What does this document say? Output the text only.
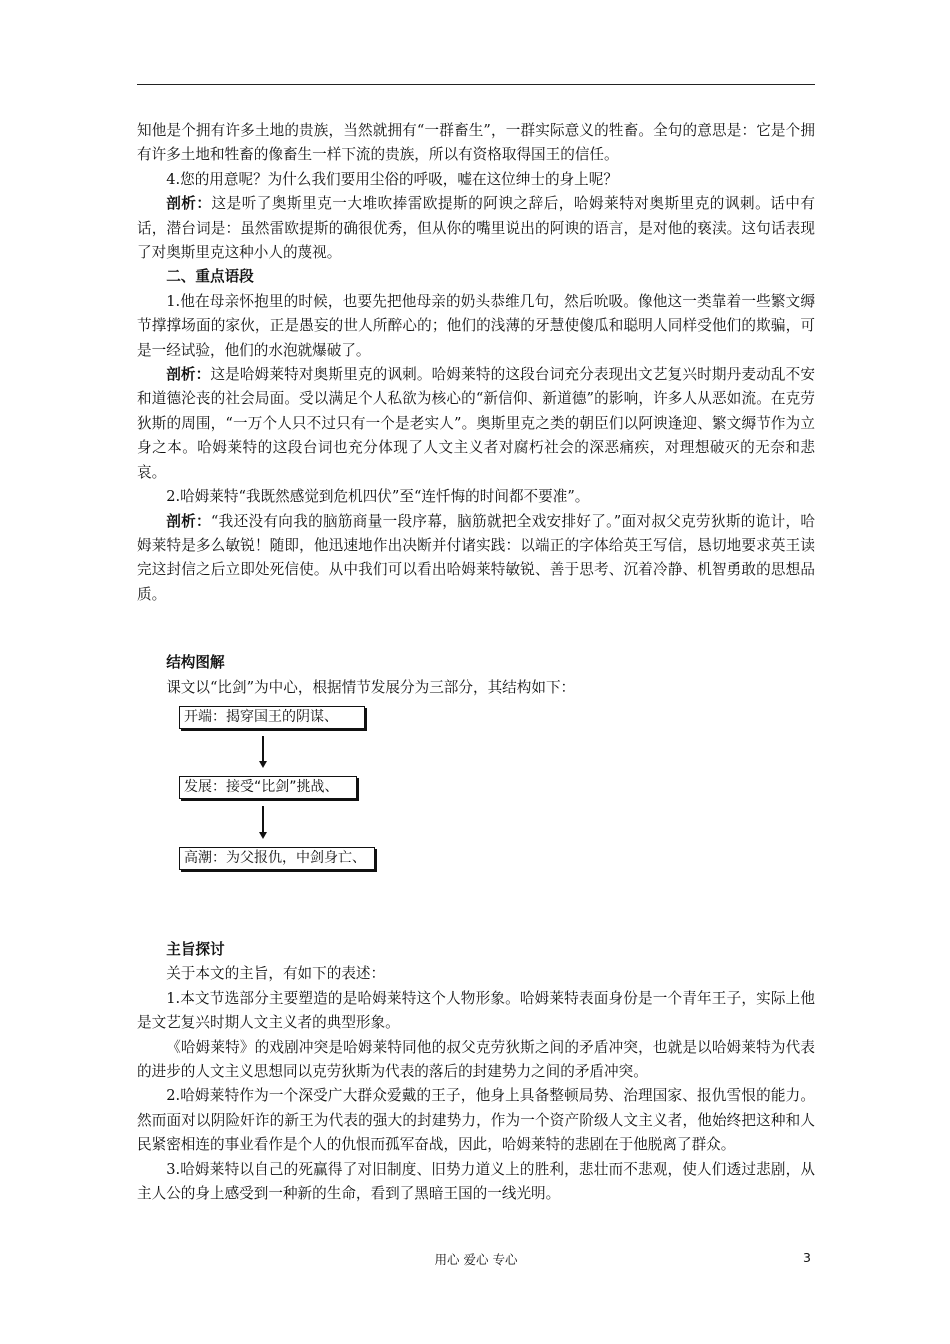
知他是个拥有许多土地的贵族，当然就拥有“一群畜生”，一群实际意义的牲畜。全句的意思是：它是个拥有许多土地和牲畜的像畜生一样下流的贵族，所以有资格取得国王的信任。

4.您的用意呢？为什么我们要用尘俗的呼吸，嘘在这位绅士的身上呢？

剖析：这是听了奥斯里克一大堆吹捧雷欧提斯的阿谀之辞后，哈姆莱特对奥斯里克的讽刺。话中有话，潜台词是：虽然雷欧提斯的确很优秀，但从你的嘴里说出的阿谀的语言，是对他的亵渎。这句话表现了对奥斯里克这种小人的蔑视。

二、重点语段

1.他在母亲怀抱里的时候，也要先把他母亲的奶头恭维几句，然后吮吸。像他这一类靠着一些繁文缛节撑撑场面的家伙，正是愚妄的世人所醉心的；他们的浅薄的牙慧使傻瓜和聪明人同样受他们的欺骗，可是一经试验，他们的水泡就爆破了。

剖析：这是哈姆莱特对奥斯里克的讽刺。哈姆莱特的这段台词充分表现出文艺复兴时期丹麦动乱不安和道德沦丧的社会局面。受以满足个人私欲为核心的“新信仰、新道德”的影响，许多人从恶如流。在克劳狄斯的周围，“一万个人只不过只有一个是老实人”。奥斯里克之类的朝臣们以阿谀逢迎、繁文缛节作为立身之本。哈姆莱特的这段台词也充分体现了人文主义者对腐朽社会的深恶痛疾，对理想破灭的无奈和悲哀。

2.哈姆莱特“我既然感觉到危机四伏”至“连忏悔的时间都不要准”。

剖析：“我还没有向我的脑筋商量一段序幕，脑筋就把全戏安排好了。”面对叔父克劳狄斯的诡计，哈姆莱特是多么敏锐！随即，他迅速地作出决断并付诸实践：以端正的字体给英王写信，恳切地要求英王读完这封信之后立即处死信使。从中我们可以看出哈姆莱特敏锐、善于思考、沉着冷静、机智勇敢的思想品质。

结构图解

课文以“比剑”为中心，根据情节发展分为三部分，其结构如下：

开端：揭穿国王的阴谋、
发展：接受“比剑”挑战、
高潮：为父报仇，中剑身亡、

主旨探讨

关于本文的主旨，有如下的表述：

1.本文节选部分主要塑造的是哈姆莱特这个人物形象。哈姆莱特表面身份是一个青年王子，实际上他是文艺复兴时期人文主义者的典型形象。

《哈姆莱特》的戏剧冲突是哈姆莱特同他的叔父克劳狄斯之间的矛盾冲突，也就是以哈姆莱特为代表的进步的人文主义思想同以克劳狄斯为代表的落后的封建势力之间的矛盾冲突。

2.哈姆莱特作为一个深受广大群众爱戴的王子，他身上具备整顿局势、治理国家、报仇雪恨的能力。然而面对以阴险奸诈的新王为代表的强大的封建势力，作为一个资产阶级人文主义者，他始终把这种和人民紧密相连的事业看作是个人的仇恨而孤军奋战，因此，哈姆莱特的悲剧在于他脱离了群众。

3.哈姆莱特以自己的死赢得了对旧制度、旧势力道义上的胜利，悲壮而不悲观，使人们透过悲剧，从主人公的身上感受到一种新的生命，看到了黑暗王国的一线光明。

用心 爱心 专心	3
